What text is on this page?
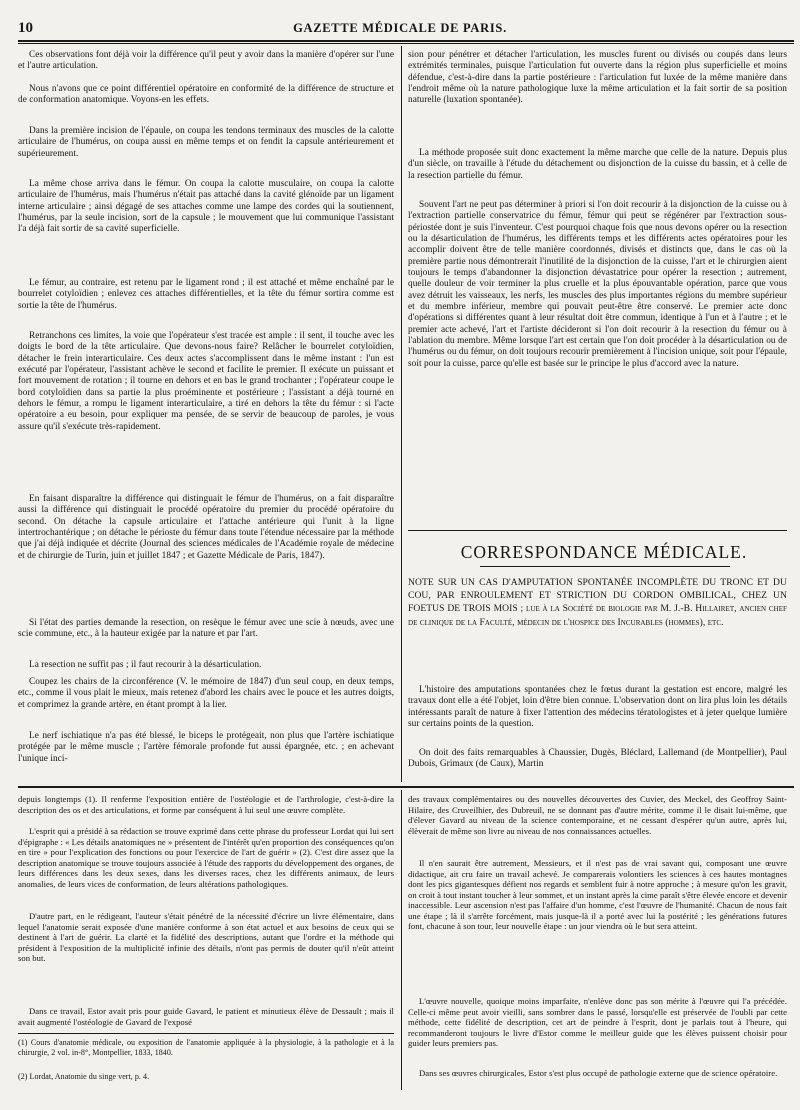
10	GAZETTE MÉDICALE DE PARIS.

Ces observations font déjà voir la différence qu'il peut y avoir dans la manière d'opérer sur l'une et l'autre articulation.

Nous n'avons que ce point différentiel opératoire en conformité de la différence de structure et de conformation anatomique. Voyons-en les effets.

Dans la première incision de l'épaule, on coupa les tendons terminaux des muscles de la calotte articulaire de l'humérus, on coupa aussi en même temps et on fendit la capsule antérieurement et supérieurement.

La même chose arriva dans le fémur. On coupa la calotte musculaire, on coupa la calotte articulaire de l'humérus, mais l'humérus n'était pas attaché dans la cavité glénoïde par un ligament interne articulaire ; ainsi dégagé de ses attaches comme une lampe des cordes qui la soutiennent, l'humérus, par la seule incision, sort de la capsule ; le mouvement que lui communique l'assistant l'a déjà fait sortir de sa cavité superficielle.

Le fémur, au contraire, est retenu par le ligament rond ; il est attaché et même enchaîné par le bourrelet cotyloïdien ; enlevez ces attaches différentielles, et la tête du fémur sortira comme est sortie la tête de l'humérus.

Retranchons ces limites, la voie que l'opérateur s'est tracée est ample : il sent, il touche avec les doigts le bord de la tête articulaire. Que devons-nous faire? Relâcher le bourrelet cotyloïdien, détacher le frein interarticulaire. Ces deux actes s'accomplissent dans le même instant : l'un est exécuté par l'opérateur, l'assistant achève le second et facilite le premier. Il exécute un puissant et fort mouvement de rotation ; il tourne en dehors et en bas le grand trochanter ; l'opérateur coupe le bord cotyloïdien dans sa partie la plus proéminente et postérieure ; l'assistant a déjà tourné en dehors le fémur, a rompu le ligament interarticulaire, a tiré en dehors la tête du fémur : si l'acte opératoire a eu besoin, pour expliquer ma pensée, de se servir de beaucoup de paroles, je vous assure qu'il s'exécute très-rapidement.

En faisant disparaître la différence qui distinguait le fémur de l'humérus, on a fait disparaître aussi la différence qui distinguait le procédé opératoire du premier du procédé opératoire du second. On détache la capsule articulaire et l'attache antérieure qui l'unit à la ligne intertrochantérique ; on détache le périoste du fémur dans toute l'étendue nécessaire par la méthode que j'ai déjà indiquée et décrite (Journal des sciences médicales de l'Académie royale de médecine et de chirurgie de Turin, juin et juillet 1847 ; et Gazette Médicale de Paris, 1847).

Si l'état des parties demande la resection, on resèque le fémur avec une scie à nœuds, avec une scie commune, etc., à la hauteur exigée par la nature et par l'art.

La resection ne suffit pas ; il faut recourir à la désarticulation.

Coupez les chairs de la circonférence (V. le mémoire de 1847) d'un seul coup, en deux temps, etc., comme il vous plait le mieux, mais retenez d'abord les chairs avec le pouce et les autres doigts, et comprimez la grande artère, en étant prompt à la lier.

Le nerf ischiatique n'a pas été blessé, le biceps le protégeait, non plus que l'artère ischiatique protégée par le même muscle ; l'artère fémorale profonde fut aussi épargnée, etc. ; en achevant l'unique inci-

sion pour pénétrer et détacher l'articulation, les muscles furent ou divisés ou coupés dans leurs extrémités terminales, puisque l'articulation fut ouverte dans la région plus superficielle et moins défendue, c'est-à-dire dans la partie postérieure : l'articulation fut luxée de la même manière dans l'endroit même où la nature pathologique luxe la même articulation et la fait sortir de sa position naturelle (luxation spontanée).

La méthode proposée suit donc exactement la même marche que celle de la nature. Depuis plus d'un siècle, on travaille à l'étude du détachement ou disjonction de la cuisse du bassin, et à celle de la resection partielle du fémur.

Souvent l'art ne peut pas déterminer à priori si l'on doit recourir à la disjonction de la cuisse ou à l'extraction partielle conservatrice du fémur, fémur qui peut se régénérer par l'extraction sous-périostée dont je suis l'inventeur. C'est pourquoi chaque fois que nous devons opérer ou la resection ou la désarticulation de l'humérus, les différents temps et les différents actes opératoires pour les accomplir doivent être de telle manière coordonnés, divisés et distincts que, dans le cas où la première partie nous démontrerait l'inutilité de la disjonction de la cuisse, l'art et le chirurgien aient toujours le temps d'abandonner la disjonction dévastatrice pour opérer la resection ; autrement, quelle douleur de voir terminer la plus cruelle et la plus épouvantable opération, parce que vous avez détruit les vaisseaux, les nerfs, les muscles des plus importantes régions du membre supérieur et du membre inférieur, membre qui pouvait peut-être être conservé. Le premier acte donc d'opérations si différentes quant à leur résultat doit être commun, identique à l'un et à l'autre ; et le premier acte achevé, l'art et l'artiste décideront si l'on doit recourir à la resection du fémur ou à l'ablation du membre. Même lorsque l'art est certain que l'on doit procéder à la désarticulation ou de l'humérus ou du fémur, on doit toujours recourir premièrement à l'incision unique, soit pour l'épaule, soit pour la cuisse, parce qu'elle est basée sur le principe le plus d'accord avec la nature.

CORRESPONDANCE MÉDICALE.

NOTE SUR UN CAS D'AMPUTATION SPONTANÉE INCOMPLÈTE DU TRONC ET DU COU, PAR ENROULEMENT ET STRICTION DU CORDON OMBILICAL, CHEZ UN FOETUS DE TROIS MOIS ; lue à la Société de biologie par M. J.-B. Hillairet, ancien chef de clinique de la Faculté, médecin de l'hospice des Incurables (hommes), etc.

L'histoire des amputations spontanées chez le fœtus durant la gestation est encore, malgré les travaux dont elle a été l'objet, loin d'être bien connue. L'observation dont on lira plus loin les détails intéressants paraît de nature à fixer l'attention des médecins tératologistes et à jeter quelque lumière sur certains points de la question.

On doit des faits remarquables à Chaussier, Dugès, Bléclard, Lallemand (de Montpellier), Paul Dubois, Grimaux (de Caux), Martin

depuis longtemps (1). Il renferme l'exposition entière de l'ostéologie et de l'arthrologie, c'est-à-dire la description des os et des articulations, et forme par conséquent à lui seul une œuvre complète.

L'esprit qui a présidé à sa rédaction se trouve exprimé dans cette phrase du professeur Lordat qui lui sert d'épigraphe : « Les détails anatomiques ne » présentent de l'intérêt qu'en proportion des conséquences qu'on en tire » pour l'explication des fonctions ou pour l'exercice de l'art de guérir » (2). C'est dire assez que la description anatomique se trouve toujours associée à l'étude des rapports du développement des organes, de leurs différences dans les deux sexes, dans les diverses races, chez les différents animaux, de leurs anomalies, de leurs vices de conformation, de leurs altérations pathologiques.

D'autre part, en le rédigeant, l'auteur s'était pénétré de la nécessité d'écrire un livre élémentaire, dans lequel l'anatomie serait exposée d'une manière conforme à son état actuel et aux besoins de ceux qui se destinent à l'art de guérir. La clarté et la fidélité des descriptions, autant que l'ordre et la méthode qui président à l'exposition de la multiplicité infinie des détails, n'ont pas permis de douter qu'il n'eût atteint son but.

Dans ce travail, Estor avait pris pour guide Gavard, le patient et minutieux élève de Dessault ; mais il avait augmenté l'ostéologie de Gavard de l'exposé

(1) Cours d'anatomie médicale, ou exposition de l'anatomie appliquée à la physiologie, à la pathologie et à la chirurgie, 2 vol. in-8°, Montpellier, 1833, 1840.

(2) Lordat, Anatomie du singe vert, p. 4.

des travaux complémentaires ou des nouvelles découvertes des Cuvier, des Meckel, des Geoffroy Saint-Hilaire, des Cruveilhier, des Dubreuil, ne se donnant pas d'autre mérite, comme il le disait lui-même, que d'élever Gavard au niveau de la science contemporaine, et ne cessant d'espérer qu'un autre, après lui, élèverait de même son livre au niveau de nos connaissances actuelles.

Il n'en saurait être autrement, Messieurs, et il n'est pas de vrai savant qui, composant une œuvre didactique, ait cru faire un travail achevé. Je comparerais volontiers les sciences à ces hautes montagnes dont les pics gigantesques défient nos regards et semblent fuir à notre approche ; à mesure qu'on les gravit, on croit à tout instant toucher à leur sommet, et un instant après la cime paraît s'être élevée encore et devenir inaccessible. Leur ascension n'est pas l'affaire d'un homme, c'est l'œuvre de l'humanité. Chacun de nous fait une étape ; là il s'arrête forcément, mais jusque-là il a porté avec lui la postérité ; les générations futures font, chacune à son tour, leur nouvelle étape : un jour viendra où le but sera atteint.

L'œuvre nouvelle, quoique moins imparfaite, n'enlève donc pas son mérite à l'œuvre qui l'a précédée. Celle-ci même peut avoir vieilli, sans sombrer dans le passé, lorsqu'elle est préservée de l'oubli par cette méthode, cette fidélité de description, cet art de peindre à l'esprit, dont je parlais tout à l'heure, qui recommanderont toujours le livre d'Estor comme le meilleur guide que les élèves puissent choisir pour guider leurs premiers pas.

Dans ses œuvres chirurgicales, Estor s'est plus occupé de pathologie externe que de science opératoire.
